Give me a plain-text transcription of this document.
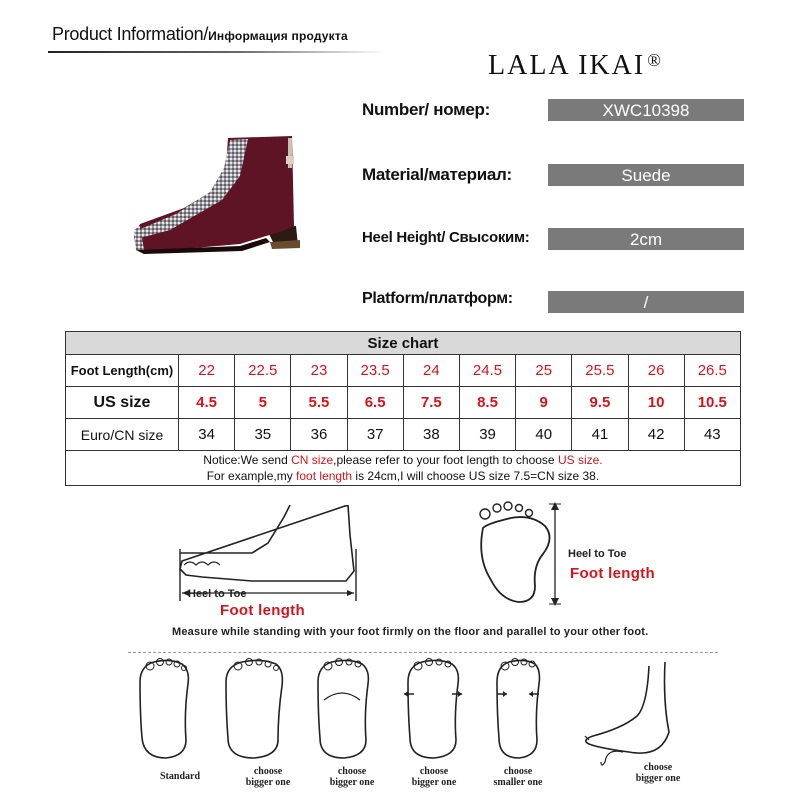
Product Information/Информация продукта
LALA IKAI ®
Number/ номер:	XWC10398
Material/материал:	Suede
Heel Height/ Свысоким:	2cm
Platform/платформ:	/
Size chart										
Foot Length(cm)	22	22.5	23	23.5	24	24.5	25	25.5	26	26.5
US size	4.5	5	5.5	6.5	7.5	8.5	9	9.5	10	10.5
Euro/CN size	34	35	36	37	38	39	40	41	42	43
Notice:We send CN size,please refer to your foot length to choose US size.
For example,my foot length is 24cm,I will choose US size 7.5=CN size 38.										
Heel to Toe
Foot length
Heel to Toe
Foot length
Measure while standing with your foot firmly on the floor and parallel to your other foot.
Standard	choose
bigger one
choose
bigger one
choose
bigger one
choose
smaller one
choose
bigger one
